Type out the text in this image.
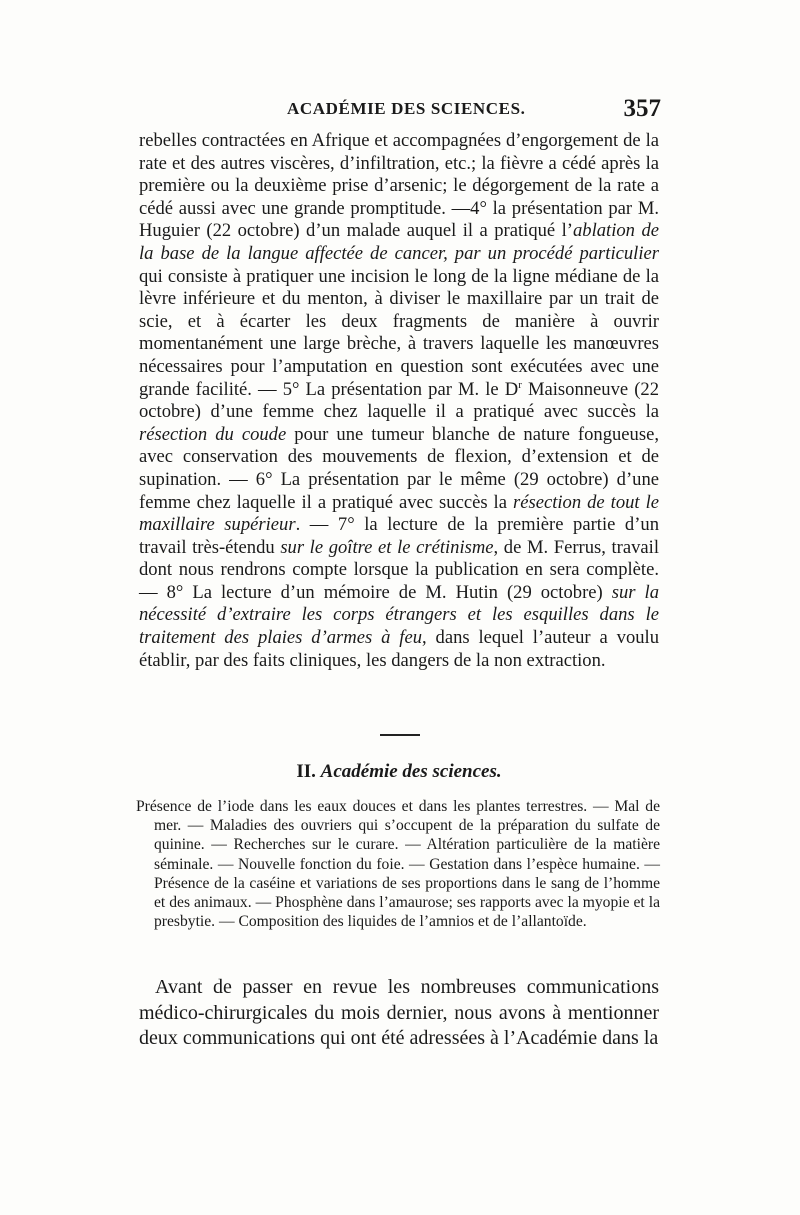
ACADÉMIE DES SCIENCES.	357

rebelles contractées en Afrique et accompagnées d’engorgement de la rate et des autres viscères, d’infiltration, etc.; la fièvre a cédé après la première ou la deuxième prise d’arsenic; le dégorgement de la rate a cédé aussi avec une grande promptitude. —4° la présentation par M. Huguier (22 octobre) d’un malade auquel il a pratiqué l’ablation de la base de la langue affectée de cancer, par un procédé particulier qui consiste à pratiquer une incision le long de la ligne médiane de la lèvre inférieure et du menton, à diviser le maxillaire par un trait de scie, et à écarter les deux fragments de manière à ouvrir momentanément une large brèche, à travers laquelle les manœuvres nécessaires pour l’amputation en question sont exécutées avec une grande facilité. — 5° La présentation par M. le $D^r$ Maisonneuve (22 octobre) d’une femme chez laquelle il a pratiqué avec succès la résection du coude pour une tumeur blanche de nature fongueuse, avec conservation des mouvements de flexion, d’extension et de supination. — 6° La présentation par le même (29 octobre) d’une femme chez laquelle il a pratiqué avec succès la résection de tout le maxillaire supérieur. — 7° la lecture de la première partie d’un travail très-étendu sur le goître et le crétinisme, de M. Ferrus, travail dont nous rendrons compte lorsque la publication en sera complète. — 8° La lecture d’un mémoire de M. Hutin (29 octobre) sur la nécessité d’extraire les corps étrangers et les esquilles dans le traitement des plaies d’armes à feu, dans lequel l’auteur a voulu établir, par des faits cliniques, les dangers de la non extraction.

II. Académie des sciences.
Présence de l’iode dans les eaux douces et dans les plantes terrestres. — Mal de mer. — Maladies des ouvriers qui s’occupent de la préparation du sulfate de quinine. — Recherches sur le curare. — Altération particulière de la matière séminale. — Nouvelle fonction du foie. — Gestation dans l’espèce humaine. — Présence de la caséine et variations de ses proportions dans le sang de l’homme et des animaux. — Phosphène dans l’amaurose; ses rapports avec la myopie et la presbytie. — Composition des liquides de l’amnios et de l’allantoïde.
Avant de passer en revue les nombreuses communications médico-chirurgicales du mois dernier, nous avons à mentionner deux communications qui ont été adressées à l’Académie dans la
